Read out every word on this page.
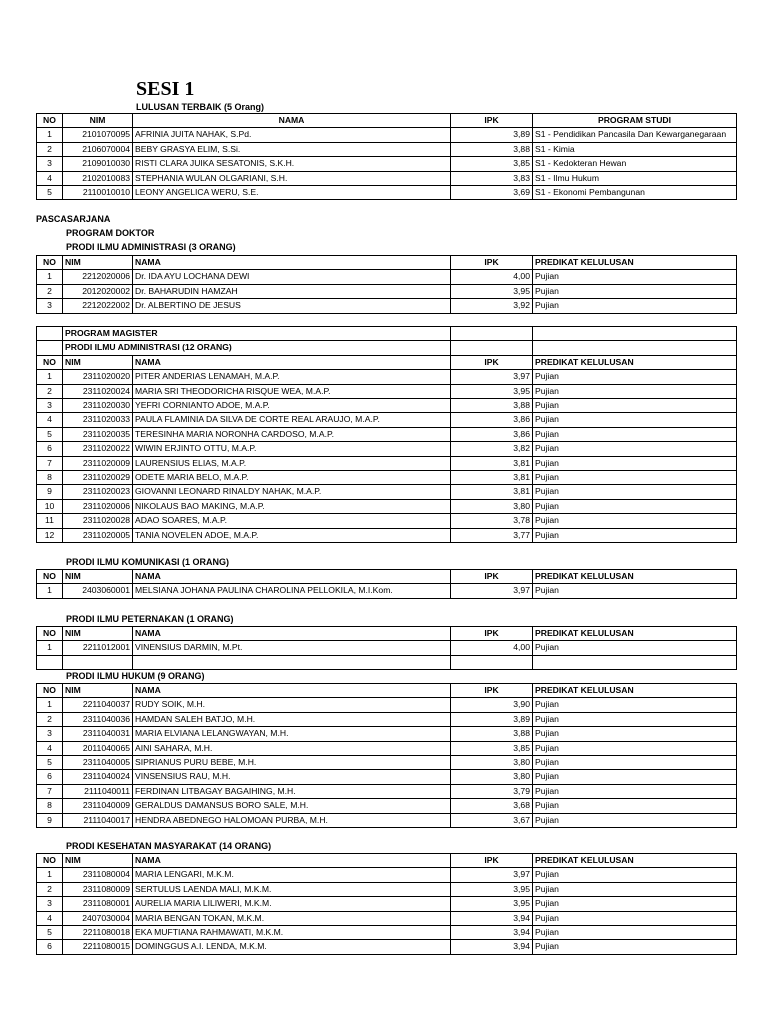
SESI 1
LULUSAN TERBAIK (5 Orang)
NO	NIM	NAMA	IPK	PROGRAM STUDI
1	2101070095	AFRINIA JUITA NAHAK, S.Pd.	3,89	S1 - Pendidikan Pancasila Dan Kewarganegaraan
2	2106070004	BEBY GRASYA ELIM, S.Si.	3,88	S1 - Kimia
3	2109010030	RISTI CLARA JUIKA SESATONIS, S.K.H.	3,85	S1 - Kedokteran Hewan
4	2102010083	STEPHANIA WULAN OLGARIANI, S.H.	3,83	S1 - Ilmu Hukum
5	2110010010	LEONY ANGELICA WERU, S.E.	3,69	S1 - Ekonomi Pembangunan
PASCASARJANA
PROGRAM DOKTOR
PRODI ILMU ADMINISTRASI (3 ORANG)
NO	NIM	NAMA	IPK	PREDIKAT KELULUSAN
1	2212020006	Dr. IDA AYU LOCHANA DEWI	4,00	Pujian
2	2012020002	Dr. BAHARUDIN HAMZAH	3,95	Pujian
3	2212022002	Dr. ALBERTINO DE JESUS	3,92	Pujian
	PROGRAM MAGISTER			
	PRODI ILMU ADMINISTRASI (12 ORANG)			
NO	NIM	NAMA	IPK	PREDIKAT KELULUSAN
1	2311020020	PITER ANDERIAS LENAMAH, M.A.P.	3,97	Pujian
2	2311020024	MARIA SRI THEODORICHA RISQUE WEA, M.A.P.	3,95	Pujian
3	2311020030	YEFRI CORNIANTO ADOE, M.A.P.	3,88	Pujian
4	2311020033	PAULA FLAMINIA DA SILVA DE CORTE REAL ARAUJO, M.A.P.	3,86	Pujian
5	2311020035	TERESINHA MARIA NORONHA CARDOSO, M.A.P.	3,86	Pujian
6	2311020022	WIWIN ERJINTO OTTU, M.A.P.	3,82	Pujian
7	2311020009	LAURENSIUS ELIAS, M.A.P.	3,81	Pujian
8	2311020029	ODETE MARIA BELO, M.A.P.	3,81	Pujian
9	2311020023	GIOVANNI LEONARD RINALDY NAHAK, M.A.P.	3,81	Pujian
10	2311020006	NIKOLAUS BAO MAKING, M.A.P.	3,80	Pujian
11	2311020028	ADAO SOARES, M.A.P.	3,78	Pujian
12	2311020005	TANIA NOVELEN ADOE, M.A.P.	3,77	Pujian
PRODI ILMU KOMUNIKASI (1 ORANG)
NO	NIM	NAMA	IPK	PREDIKAT KELULUSAN
1	2403060001	MELSIANA JOHANA PAULINA CHAROLINA PELLOKILA, M.I.Kom.	3,97	Pujian
PRODI ILMU PETERNAKAN (1 ORANG)
NO	NIM	NAMA	IPK	PREDIKAT KELULUSAN
1	2211012001	VINENSIUS DARMIN, M.Pt.	4,00	Pujian

PRODI ILMU HUKUM (9 ORANG)
NO	NIM	NAMA	IPK	PREDIKAT KELULUSAN
1	2211040037	RUDY SOIK, M.H.	3,90	Pujian
2	2311040036	HAMDAN SALEH BATJO, M.H.	3,89	Pujian
3	2311040031	MARIA ELVIANA LELANGWAYAN, M.H.	3,88	Pujian
4	2011040065	AINI SAHARA, M.H.	3,85	Pujian
5	2311040005	SIPRIANUS PURU BEBE, M.H.	3,80	Pujian
6	2311040024	VINSENSIUS RAU, M.H.	3,80	Pujian
7	2111040011	FERDINAN LITBAGAY BAGAIHING, M.H.	3,79	Pujian
8	2311040009	GERALDUS DAMANSUS BORO SALE, M.H.	3,68	Pujian
9	2111040017	HENDRA ABEDNEGO HALOMOAN PURBA, M.H.	3,67	Pujian
PRODI KESEHATAN MASYARAKAT (14 ORANG)
NO	NIM	NAMA	IPK	PREDIKAT KELULUSAN
1	2311080004	MARIA LENGARI, M.K.M.	3,97	Pujian
2	2311080009	SERTULUS LAENDA MALI, M.K.M.	3,95	Pujian
3	2311080001	AURELIA MARIA LILIWERI, M.K.M.	3,95	Pujian
4	2407030004	MARIA BENGAN TOKAN, M.K.M.	3,94	Pujian
5	2211080018	EKA MUFTIANA RAHMAWATI, M.K.M.	3,94	Pujian
6	2211080015	DOMINGGUS A.I. LENDA, M.K.M.	3,94	Pujian
